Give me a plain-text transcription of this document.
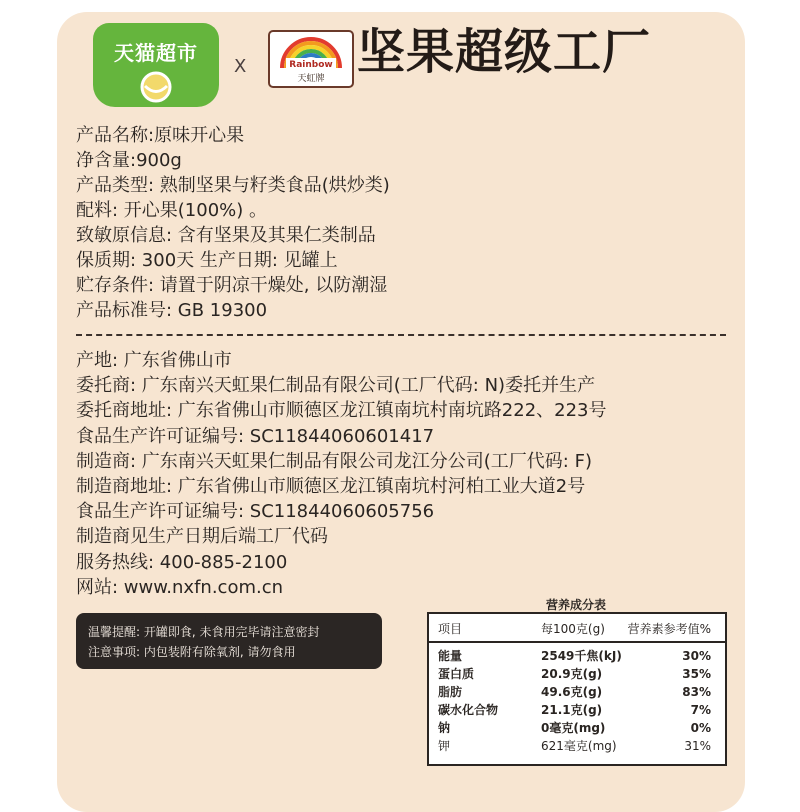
天猫超市
X	Rainbow
天虹牌 坚果超级工厂
产品名称:原味开心果
净含量:900g
产品类型: 熟制坚果与籽类食品(烘炒类)
配料: 开心果(100%) 。
致敏原信息: 含有坚果及其果仁类制品
保质期: 300天 生产日期: 见罐上
贮存条件: 请置于阴凉干燥处, 以防潮湿
产品标准号: GB 19300
产地: 广东省佛山市
委托商: 广东南兴天虹果仁制品有限公司(工厂代码: N)委托并生产
委托商地址: 广东省佛山市顺德区龙江镇南坑村南坑路222、223号
食品生产许可证编号: SC11844060601417
制造商: 广东南兴天虹果仁制品有限公司龙江分公司(工厂代码: F)
制造商地址: 广东省佛山市顺德区龙江镇南坑村河柏工业大道2号
食品生产许可证编号: SC11844060605756
制造商见生产日期后端工厂代码
服务热线: 400-885-2100
网站: www.nxfn.com.cn
温馨提醒: 开罐即食, 未食用完毕请注意密封
注意事项: 内包装附有除氧剂, 请勿食用
营养成分表
项目	每100克(g) 营养素参考值%
能量	2549千焦(kJ)	30%
蛋白质	20.9克(g)	35%
脂肪	49.6克(g)	83%
碳水化合物	21.1克(g)	7%
钠	0毫克(mg)	0%
钾	621毫克(mg)	31%
